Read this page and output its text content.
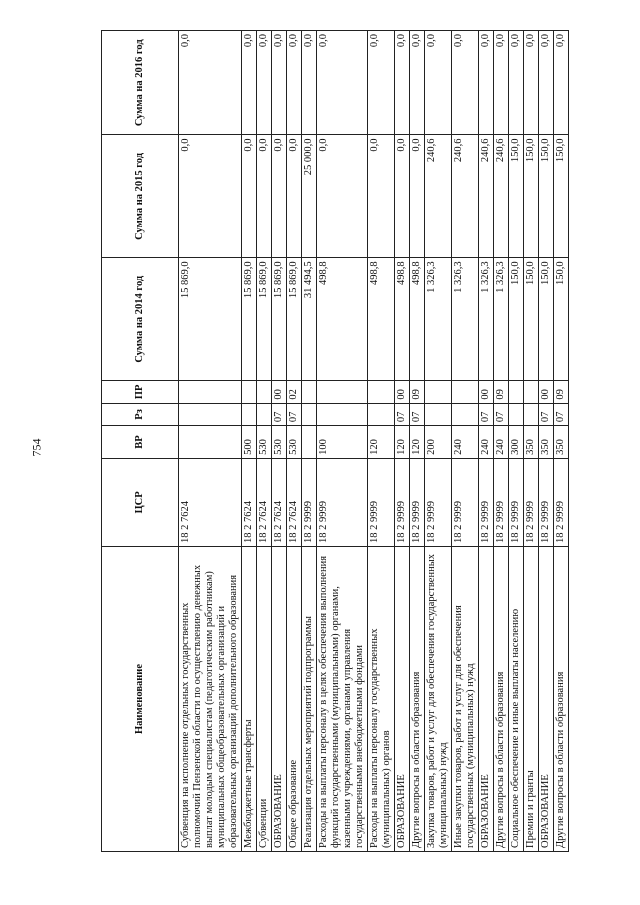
754
Наименование	ЦСР	ВР	Рз	ПР	Сумма на 2014 год	Сумма на 2015 год	Сумма на 2016 год
Субвенция на исполнение отдельных государственных полномочий Пензенской области по осуществлению денежных выплат молодым специалистам (педагогическим работникам) муниципальных общеобразовательных организаций и образовательных организаций дополнительного образования	18 2 7624				15 869,0	0,0	0,0
Межбюджетные трансферты	18 2 7624	500			15 869,0	0,0	0,0
Субвенции	18 2 7624	530			15 869,0	0,0	0,0
ОБРАЗОВАНИЕ	18 2 7624	530	07	00	15 869,0	0,0	0,0
Общее образование	18 2 7624	530	07	02	15 869,0	0,0	0,0
Реализация отдельных мероприятий подпрограммы	18 2 9999				31 494,5	25 000,0	0,0
Расходы на выплаты персоналу в целях обеспечения выполнения функций государственными (муниципальными) органами, казенными учреждениями, органами управления государственными внебюджетными фондами	18 2 9999	100			498,8	0,0	0,0
Расходы на выплаты персоналу государственных (муниципальных) органов	18 2 9999	120			498,8	0,0	0,0
ОБРАЗОВАНИЕ	18 2 9999	120	07	00	498,8	0,0	0,0
Другие вопросы в области образования	18 2 9999	120	07	09	498,8	0,0	0,0
Закупка товаров, работ и услуг для обеспечения государственных (муниципальных) нужд	18 2 9999	200			1 326,3	240,6	0,0
Иные закупки товаров, работ и услуг для обеспечения государственных (муниципальных) нужд	18 2 9999	240			1 326,3	240,6	0,0
ОБРАЗОВАНИЕ	18 2 9999	240	07	00	1 326,3	240,6	0,0
Другие вопросы в области образования	18 2 9999	240	07	09	1 326,3	240,6	0,0
Социальное обеспечение и иные выплаты населению	18 2 9999	300			150,0	150,0	0,0
Премии и гранты	18 2 9999	350			150,0	150,0	0,0
ОБРАЗОВАНИЕ	18 2 9999	350	07	00	150,0	150,0	0,0
Другие вопросы в области образования	18 2 9999	350	07	09	150,0	150,0	0,0
